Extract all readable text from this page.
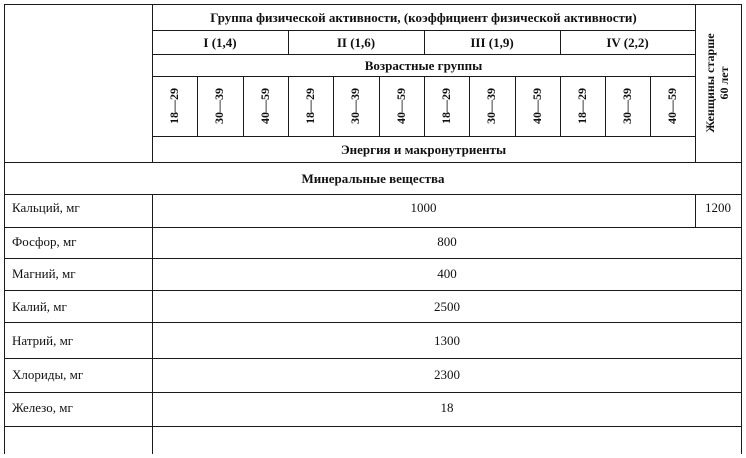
Группа физической активности, (коэффициент физической активности)
I (1,4)	II (1,6)	III (1,9)	IV (2,2)
Возрастные группы
18—29	30—39	40—59	18—29	30—39	40—59	18—29	30—39	40—59	18—29	30—39	40—59
Энергия и макронутриенты
Женщины старше 60 лет
Минеральные вещества
Кальций, мг	1000	1200
Фосфор, мг	800
Магний, мг	400
Калий, мг	2500
Натрий, мг	1300
Хлориды, мг	2300
Железо, мг	18
